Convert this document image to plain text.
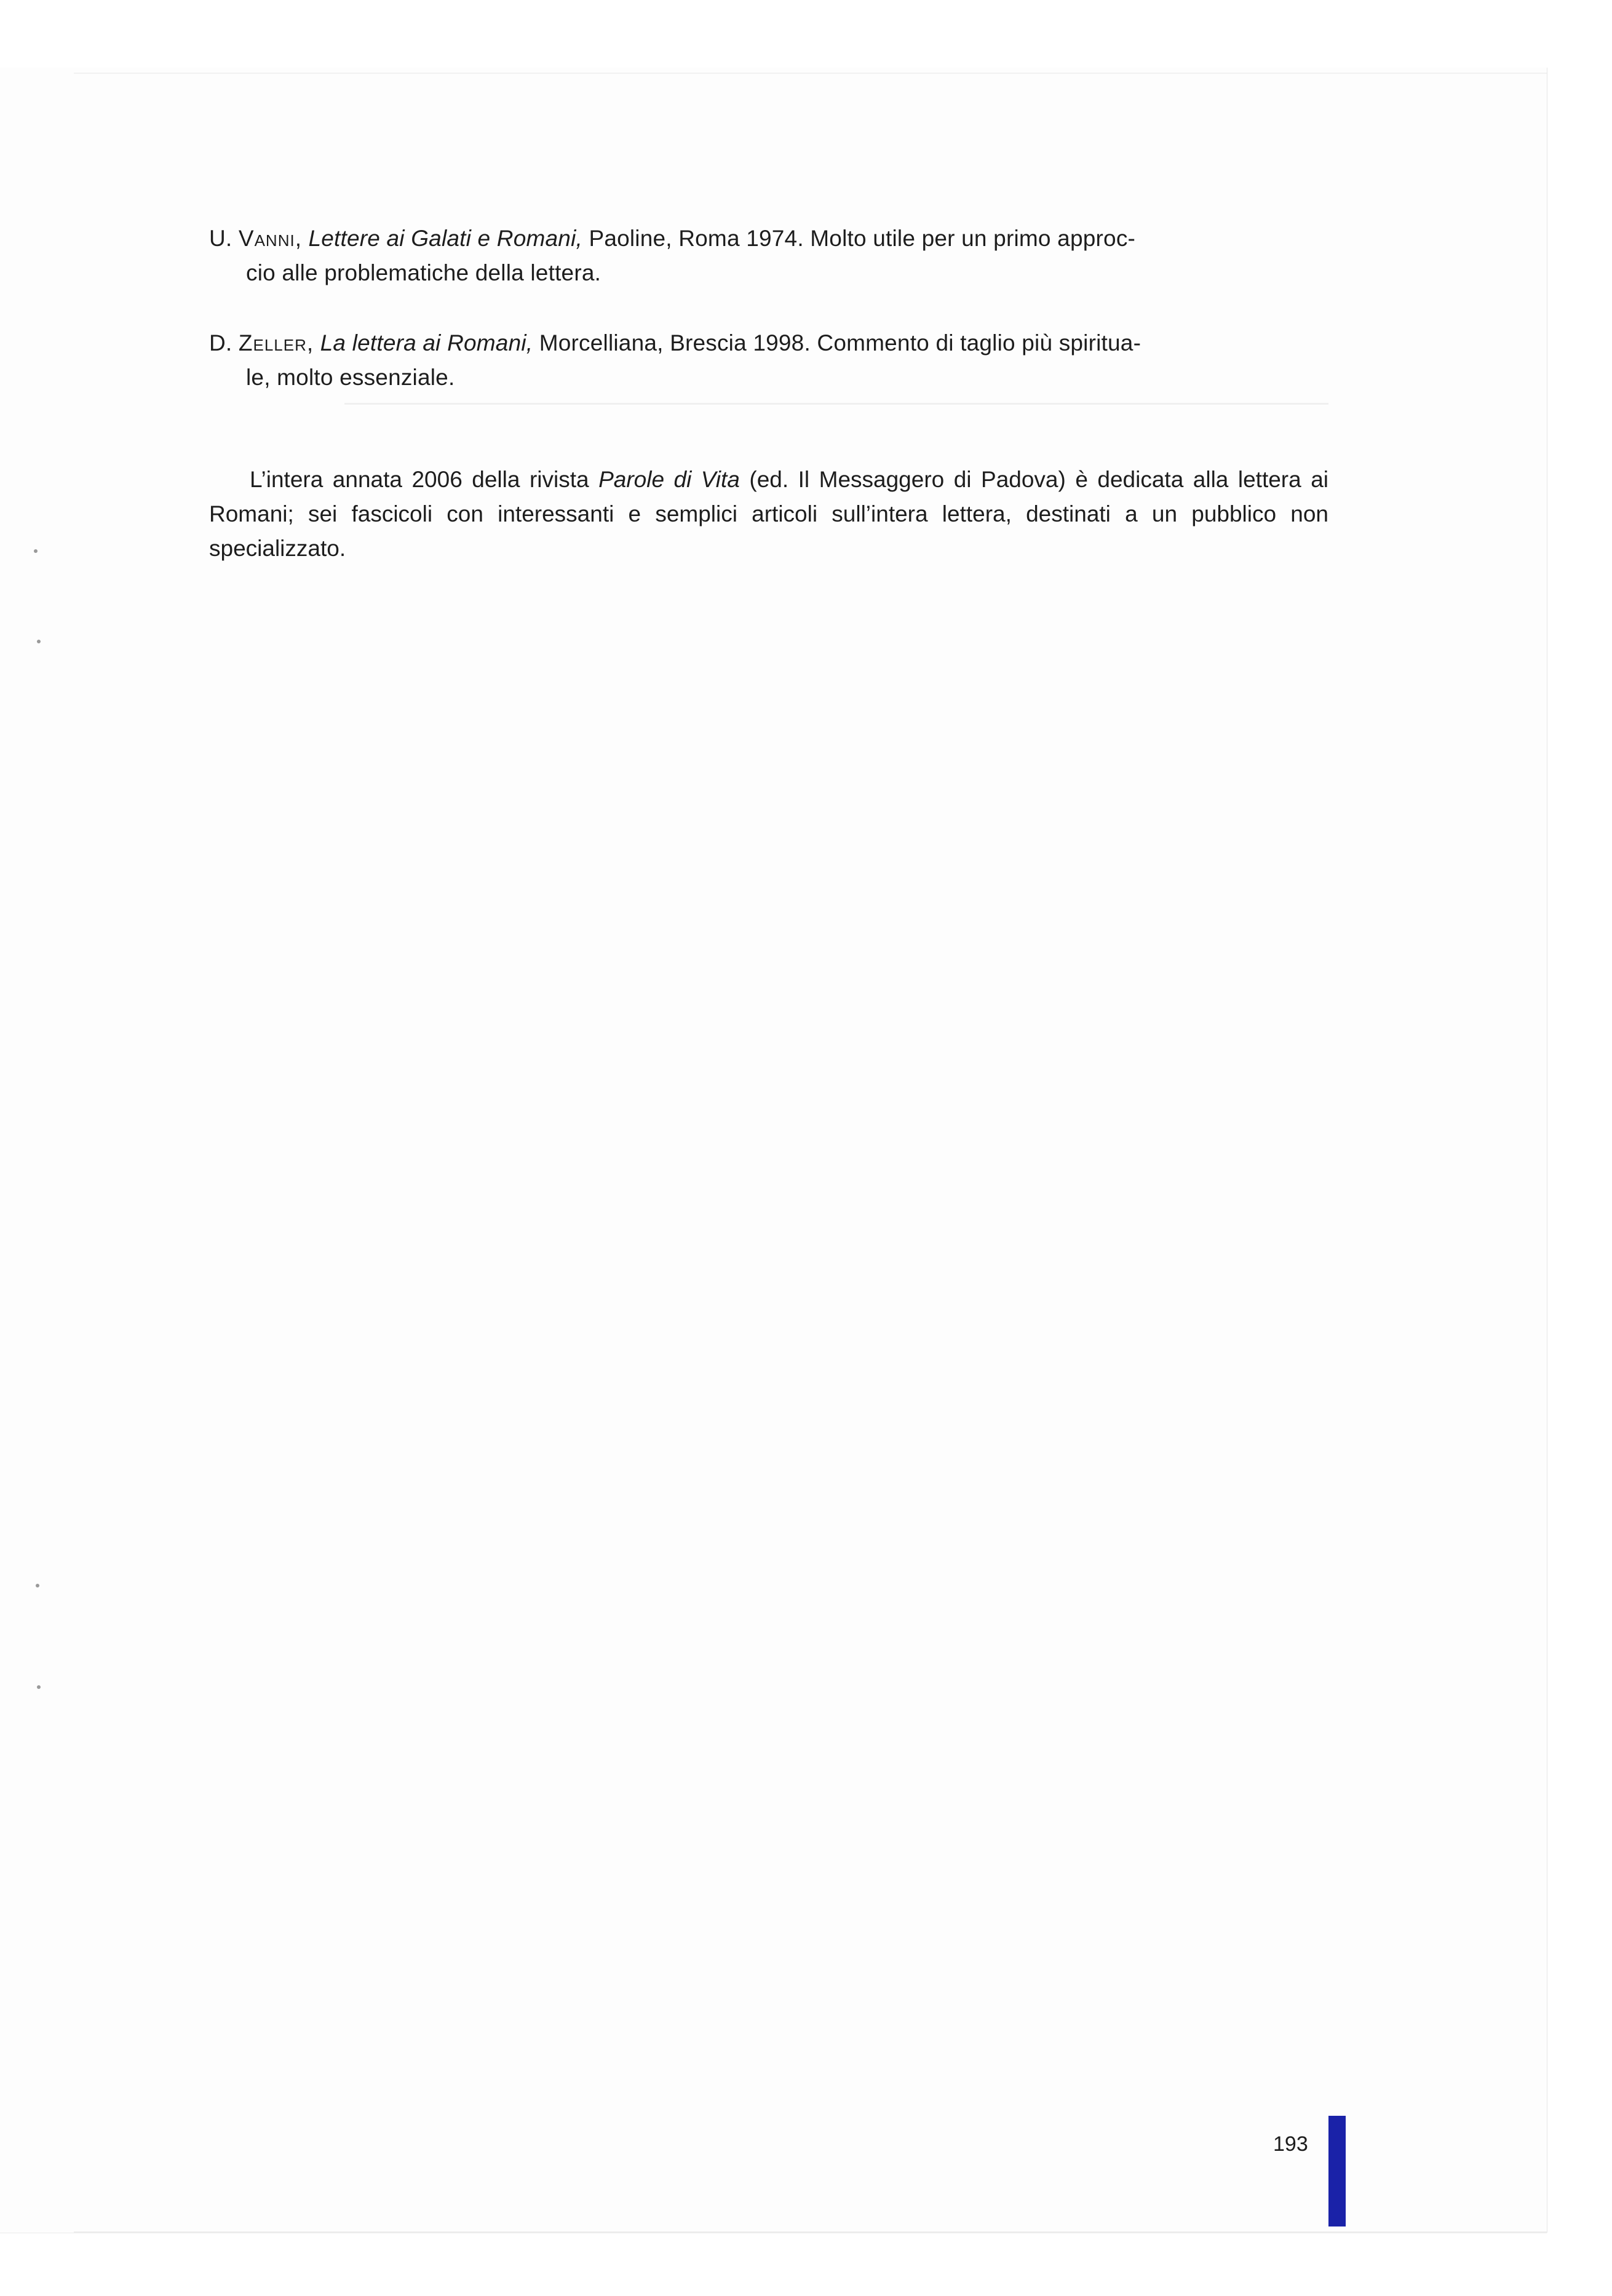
U. Vanni, Lettere ai Galati e Romani, Paoline, Roma 1974. Molto utile per un primo approc-
cio alle problematiche della lettera.
D. Zeller, La lettera ai Romani, Morcelliana, Brescia 1998. Commento di taglio più spiritua-
le, molto essenziale.
L’intera annata 2006 della rivista Parole di Vita (ed. Il Messaggero di Padova) è dedicata alla lettera ai Romani; sei fascicoli con interessanti e semplici articoli sull’intera lettera, destinati a un pubblico non specializzato.
193
